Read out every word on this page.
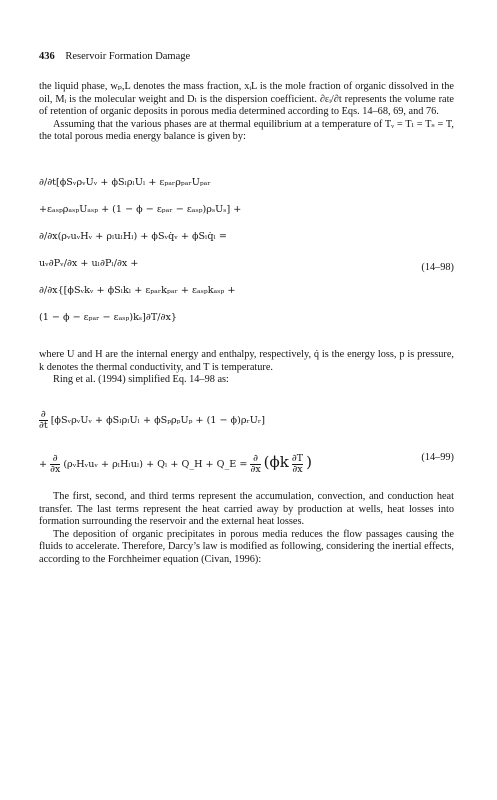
436 Reservoir Formation Damage

the liquid phase, wₚ,L denotes the mass fraction, xᵢL is the mole fraction of organic dissolved in the oil, Mᵢ is the molecular weight and Dₗ is the dispersion coefficient. ∂εᵢ/∂t represents the volume rate of retention of organic deposits in porous media determined according to Eqs. 14–68, 69, and 76.

Assuming that the various phases are at thermal equilibrium at a temperature of Tᵥ = Tₗ = Tₛ = T, the total porous media energy balance is given by:

∂/∂t[ϕSᵥρᵥUᵥ + ϕSₗρₗUₗ + εₚₐᵣρₚₐᵣUₚₐᵣ
+εₐₛₚρₐₛₚUₐₛₚ + (1 − ϕ − εₚₐᵣ − εₐₛₚ)ρₛUₛ] +
∂/∂x(ρᵥuᵥHᵥ + ρₗuₗHₗ) + ϕSᵥq̇ᵥ + ϕSₗq̇ₗ =
uᵥ∂Pᵥ/∂x + uₗ∂Pₗ/∂x +
∂/∂x{[ϕSᵥkᵥ + ϕSₗkₗ + εₚₐᵣkₚₐᵣ + εₐₛₚkₐₛₚ +
(1 − ϕ − εₚₐᵣ − εₐₛₚ)kₛ]∂T/∂x}
(14–98)

where U and H are the internal energy and enthalpy, respectively, q̇ is the energy loss, p is pressure, k denotes the thermal conductivity, and T is temperature.

Ring et al. (1994) simplified Eq. 14–98 as:

$\frac{\partial}{\partial t}$ [ϕSᵥρᵥUᵥ + ϕSₗρₗUₗ + ϕSₚρₚUₚ + (1 − ϕ)ρᵣUᵣ]
+ $\frac{\partial}{\partial x}$ (ρᵥHᵥuᵥ + ρₗHₗuₗ) + Qₗ + Q_H + Q_E = $\frac{\partial}{\partial x} (\phi k \frac{\partial T}{\partial x}$ )	(14–99)

The first, second, and third terms represent the accumulation, convection, and conduction heat transfer. The last terms represent the heat carried away by production at wells, heat losses into formation surrounding the reservoir and the external heat losses.

The deposition of organic precipitates in porous media reduces the flow passages causing the fluids to accelerate. Therefore, Darcy’s law is modified as following, considering the inertial effects, according to the Forchheimer equation (Civan, 1996):
